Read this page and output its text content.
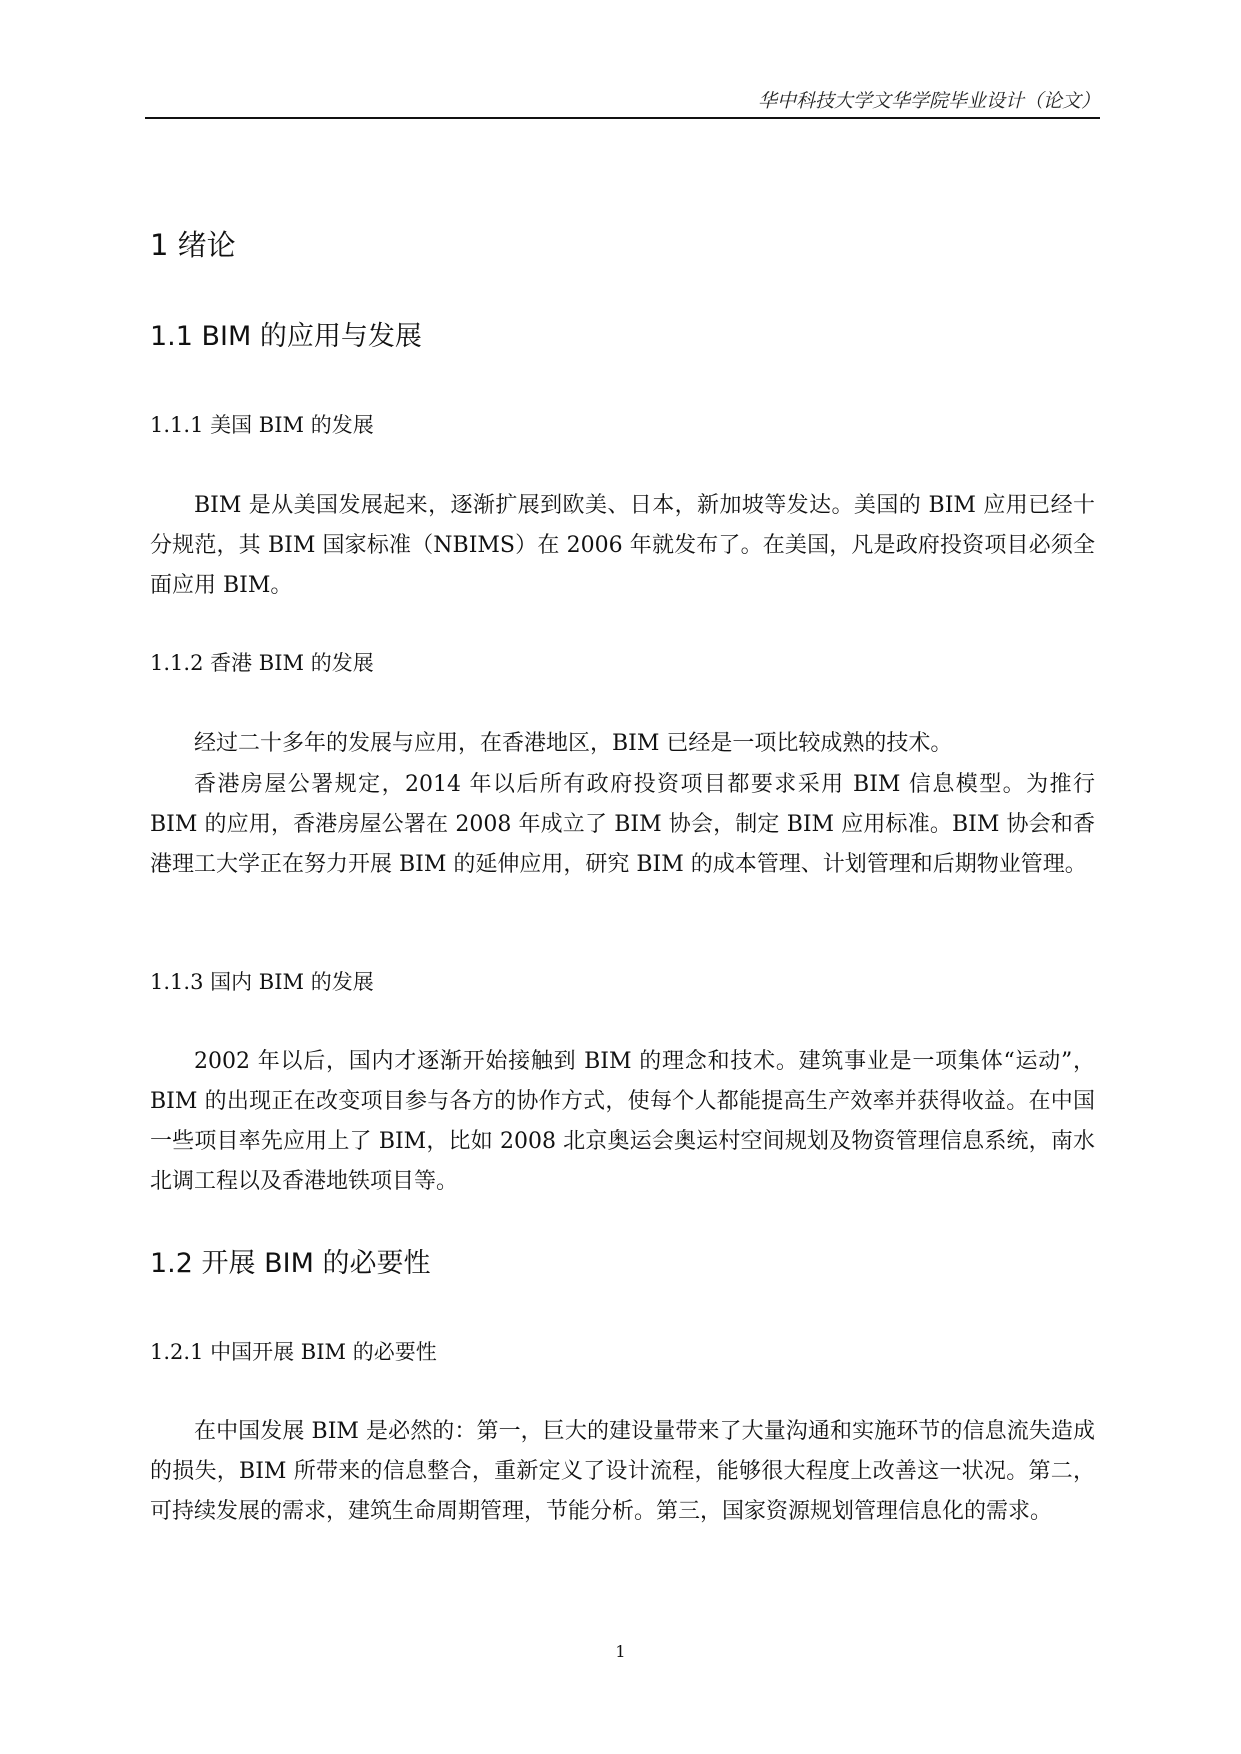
华中科技大学文华学院毕业设计（论文）
1 绪论
1.1 BIM 的应用与发展
1.1.1 美国 BIM 的发展

BIM 是从美国发展起来，逐渐扩展到欧美、日本，新加坡等发达。美国的 BIM 应用已经十分规范，其 BIM 国家标准（NBIMS）在 2006 年就发布了。在美国，凡是政府投资项目必须全面应用 BIM。

1.1.2 香港 BIM 的发展

经过二十多年的发展与应用，在香港地区，BIM 已经是一项比较成熟的技术。

香港房屋公署规定，2014 年以后所有政府投资项目都要求采用 BIM 信息模型。为推行 BIM 的应用，香港房屋公署在 2008 年成立了 BIM 协会，制定 BIM 应用标准。BIM 协会和香港理工大学正在努力开展 BIM 的延伸应用，研究 BIM 的成本管理、计划管理和后期物业管理。

1.1.3 国内 BIM 的发展

2002 年以后，国内才逐渐开始接触到 BIM 的理念和技术。建筑事业是一项集体“运动”，BIM 的出现正在改变项目参与各方的协作方式，使每个人都能提高生产效率并获得收益。在中国一些项目率先应用上了 BIM，比如 2008 北京奥运会奥运村空间规划及物资管理信息系统，南水北调工程以及香港地铁项目等。

1.2 开展 BIM 的必要性
1.2.1 中国开展 BIM 的必要性

在中国发展 BIM 是必然的：第一，巨大的建设量带来了大量沟通和实施环节的信息流失造成的损失，BIM 所带来的信息整合，重新定义了设计流程，能够很大程度上改善这一状况。第二，可持续发展的需求，建筑生命周期管理，节能分析。第三，国家资源规划管理信息化的需求。

1
